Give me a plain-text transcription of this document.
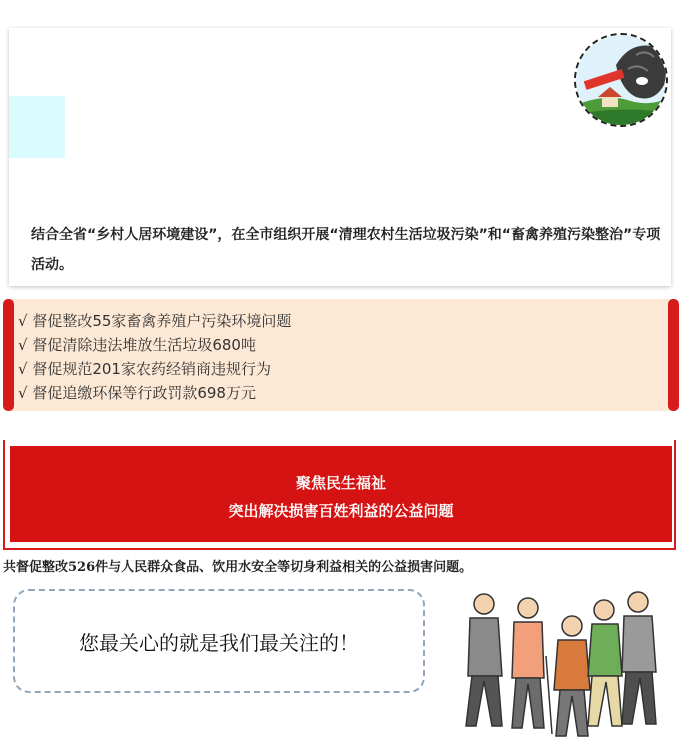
结合全省“乡村人居环境建设”，在全市组织开展“清理农村生活垃圾污染”和“畜禽养殖污染整治”专项活动。
√ 督促整改55家畜禽养殖户污染环境问题
√ 督促清除违法堆放生活垃圾680吨
√ 督促规范201家农药经销商违规行为
√ 督促追缴环保等行政罚款698万元
聚焦民生福祉
突出解决损害百姓利益的公益问题
共督促整改526件与人民群众食品、饮用水安全等切身利益相关的公益损害问题。
您最关心的就是我们最关注的！
